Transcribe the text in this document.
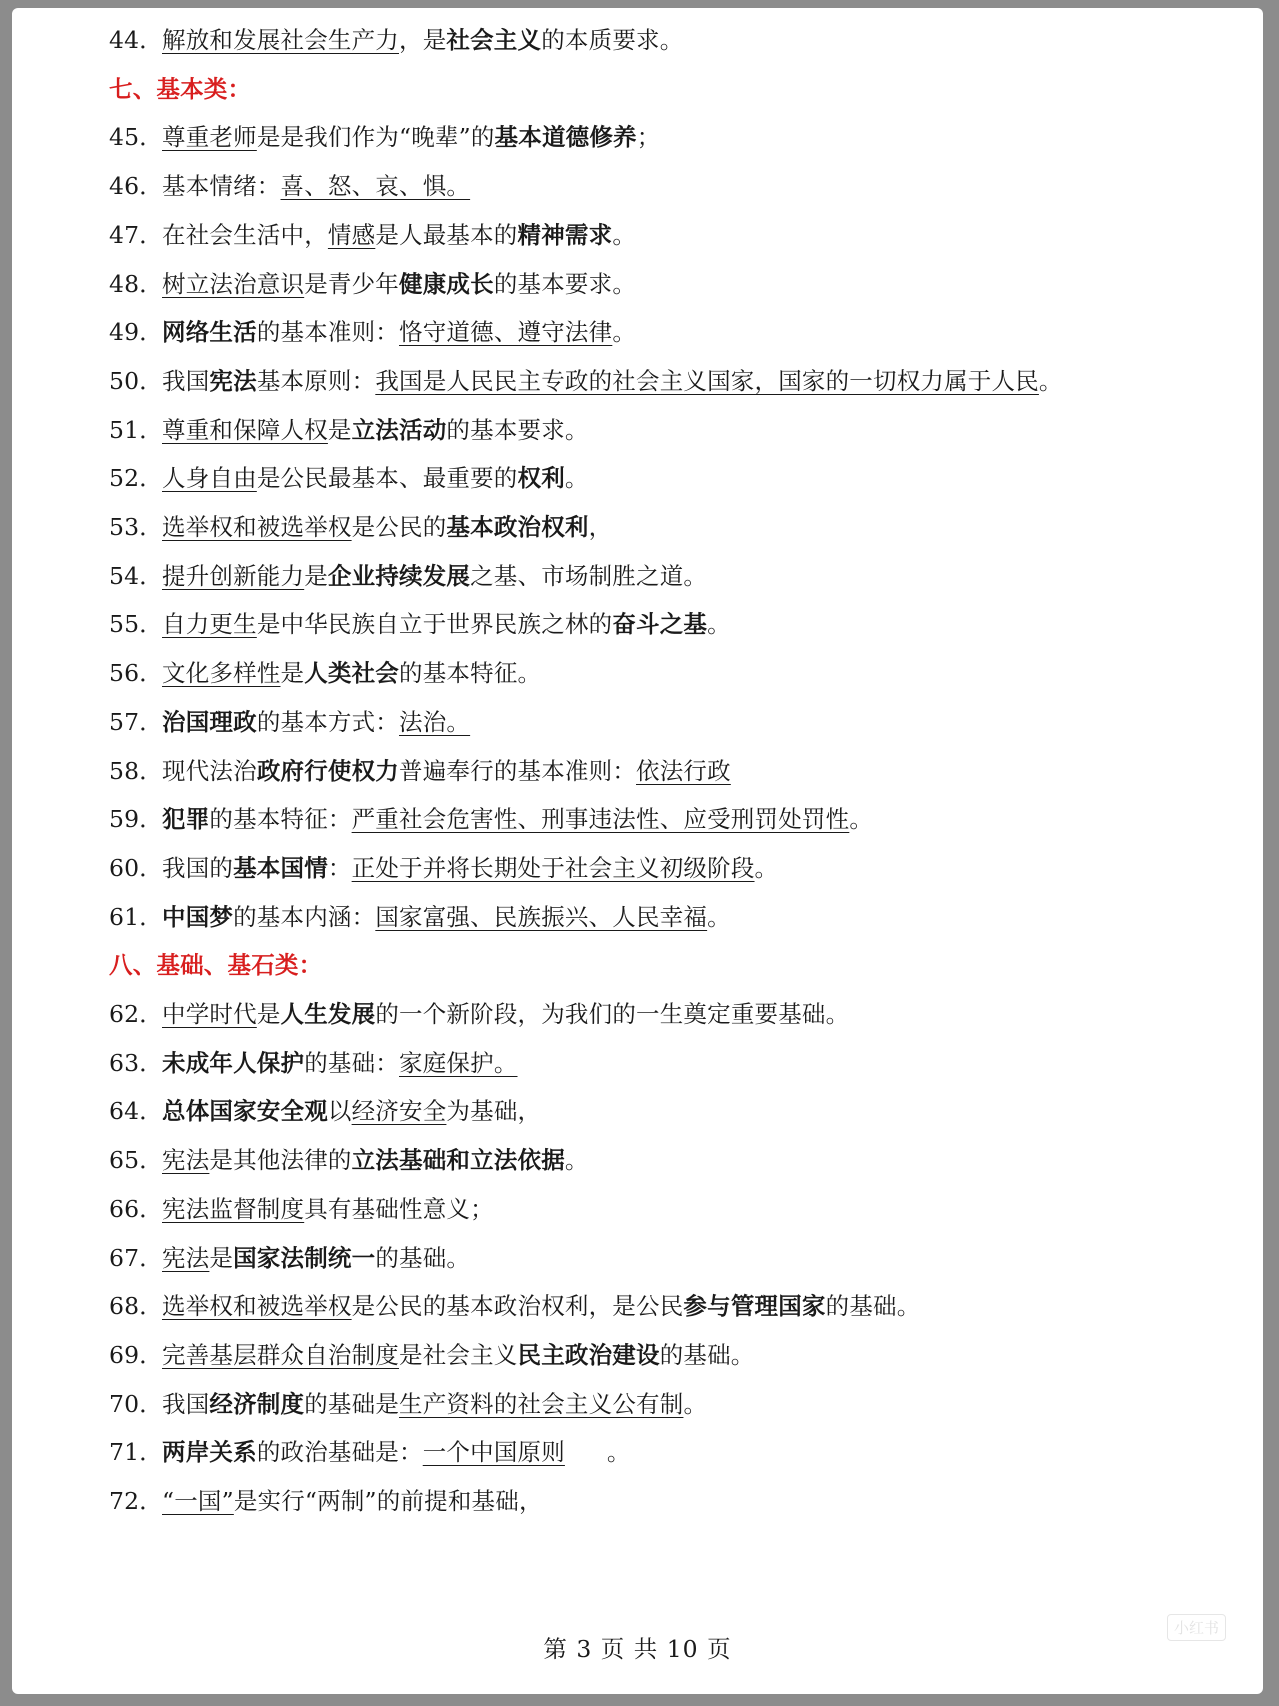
44．解放和发展社会生产力，是社会主义的本质要求。
七、基本类：
45．尊重老师是是我们作为“晚辈”的基本道德修养；
46．基本情绪：喜、怒、哀、惧。
47．在社会生活中，情感是人最基本的精神需求。
48．树立法治意识是青少年健康成长的基本要求。
49．网络生活的基本准则：恪守道德、遵守法律。
50．我国宪法基本原则：我国是人民民主专政的社会主义国家，国家的一切权力属于人民。
51．尊重和保障人权是立法活动的基本要求。
52．人身自由是公民最基本、最重要的权利。
53．选举权和被选举权是公民的基本政治权利，
54．提升创新能力是企业持续发展之基、市场制胜之道。
55．自力更生是中华民族自立于世界民族之林的奋斗之基。
56．文化多样性是人类社会的基本特征。
57．治国理政的基本方式：法治。
58．现代法治政府行使权力普遍奉行的基本准则：依法行政
59．犯罪的基本特征：严重社会危害性、刑事违法性、应受刑罚处罚性。
60．我国的基本国情：正处于并将长期处于社会主义初级阶段。
61．中国梦的基本内涵：国家富强、民族振兴、人民幸福。
八、基础、基石类：
62．中学时代是人生发展的一个新阶段，为我们的一生奠定重要基础。
63．未成年人保护的基础：家庭保护。
64．总体国家安全观以经济安全为基础，
65．宪法是其他法律的立法基础和立法依据。
66．宪法监督制度具有基础性意义；
67．宪法是国家法制统一的基础。
68．选举权和被选举权是公民的基本政治权利，是公民参与管理国家的基础。
69．完善基层群众自治制度是社会主义民主政治建设的基础。
70．我国经济制度的基础是生产资料的社会主义公有制。
71．两岸关系的政治基础是：一个中国原则 。
72．“一国”是实行“两制”的前提和基础，
第 3 页 共 10 页
小红书
